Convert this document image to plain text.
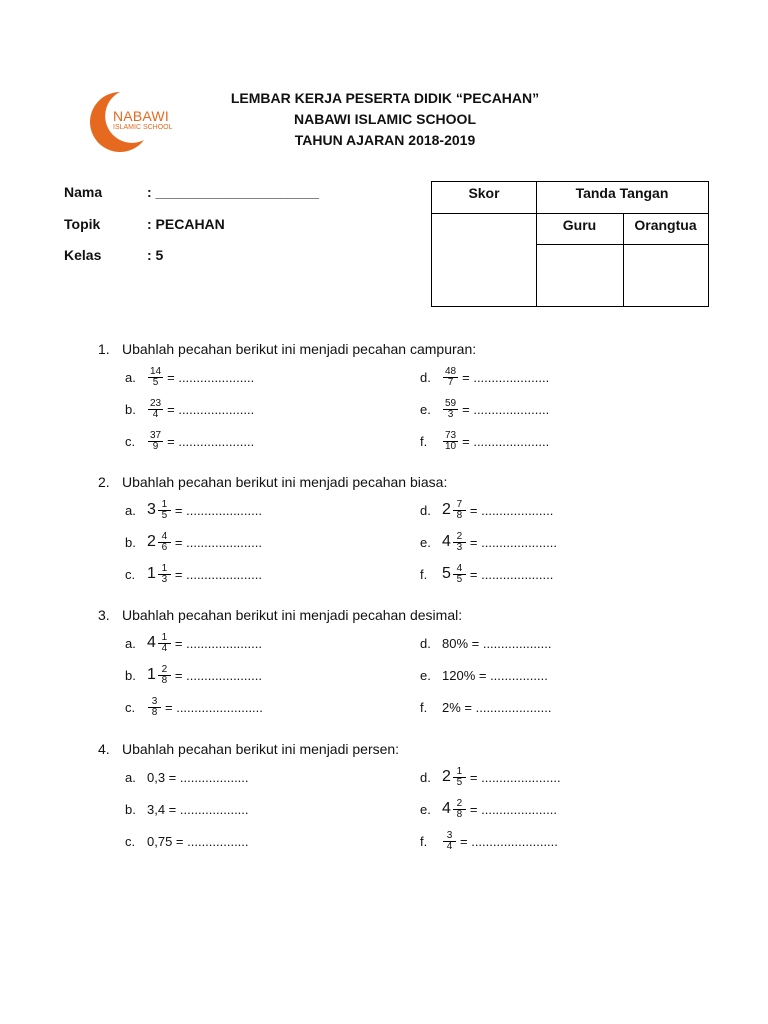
NABAWI
ISLAMIC SCHOOL
LEMBAR KERJA PESERTA DIDIK “PECAHAN”
NABAWI ISLAMIC SCHOOL
TAHUN AJARAN 2018-2019
Nama	: _____________________
Topik	: PECAHAN
Kelas	: 5
Skor	Tanda Tangan
Guru	Orangtua
1. Ubahlah pecahan berikut ini menjadi pecahan campuran:
a.	$\frac{14}{5}$ = .....................
b.	$\frac{23}{4}$ = .....................
c.	$\frac{37}{9}$ = .....................
d.	$\frac{48}{7}$ = .....................
e.	$\frac{59}{3}$ = .....................
f.	$\frac{73}{10}$ = .....................
2. Ubahlah pecahan berikut ini menjadi pecahan biasa:
a. $3 \frac{1}{5}$ = .....................
b. $2 \frac{4}{6}$ = .....................
c. $1 \frac{1}{3}$ = .....................
d. $2 \frac{7}{8}$ = ....................
e. $4 \frac{2}{3}$ = .....................
f. $5 \frac{4}{5}$ = ....................
3. Ubahlah pecahan berikut ini menjadi pecahan desimal:
a. $4 \frac{1}{4}$ = .....................
b. $1 \frac{2}{8}$ = .....................
c.	$\frac{3}{8}$ = ........................
d. 80% = ...................
e. 120% = ................
f.	2% = .....................
4. Ubahlah pecahan berikut ini menjadi persen:
a. 0,3 = ...................
b. 3,4 = ...................
c. 0,75 = .................
d. $2 \frac{1}{5}$ = ......................
e. $4 \frac{2}{8}$ = .....................
f.	$\frac{3}{4}$ = ........................
